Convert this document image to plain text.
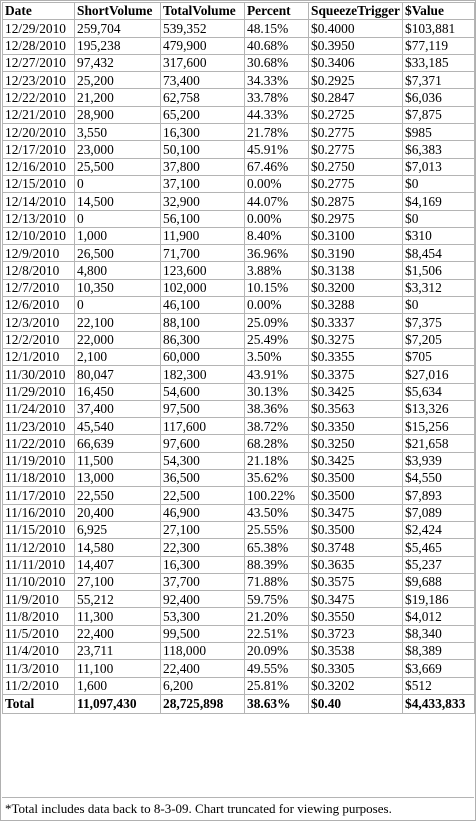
Date	ShortVolume	TotalVolume	Percent	SqueezeTrigger	$Value
12/29/2010	259,704	539,352	48.15%	$0.4000	$103,881
12/28/2010	195,238	479,900	40.68%	$0.3950	$77,119
12/27/2010	97,432	317,600	30.68%	$0.3406	$33,185
12/23/2010	25,200	73,400	34.33%	$0.2925	$7,371
12/22/2010	21,200	62,758	33.78%	$0.2847	$6,036
12/21/2010	28,900	65,200	44.33%	$0.2725	$7,875
12/20/2010	3,550	16,300	21.78%	$0.2775	$985
12/17/2010	23,000	50,100	45.91%	$0.2775	$6,383
12/16/2010	25,500	37,800	67.46%	$0.2750	$7,013
12/15/2010	0	37,100	0.00%	$0.2775	$0
12/14/2010	14,500	32,900	44.07%	$0.2875	$4,169
12/13/2010	0	56,100	0.00%	$0.2975	$0
12/10/2010	1,000	11,900	8.40%	$0.3100	$310
12/9/2010	26,500	71,700	36.96%	$0.3190	$8,454
12/8/2010	4,800	123,600	3.88%	$0.3138	$1,506
12/7/2010	10,350	102,000	10.15%	$0.3200	$3,312
12/6/2010	0	46,100	0.00%	$0.3288	$0
12/3/2010	22,100	88,100	25.09%	$0.3337	$7,375
12/2/2010	22,000	86,300	25.49%	$0.3275	$7,205
12/1/2010	2,100	60,000	3.50%	$0.3355	$705
11/30/2010	80,047	182,300	43.91%	$0.3375	$27,016
11/29/2010	16,450	54,600	30.13%	$0.3425	$5,634
11/24/2010	37,400	97,500	38.36%	$0.3563	$13,326
11/23/2010	45,540	117,600	38.72%	$0.3350	$15,256
11/22/2010	66,639	97,600	68.28%	$0.3250	$21,658
11/19/2010	11,500	54,300	21.18%	$0.3425	$3,939
11/18/2010	13,000	36,500	35.62%	$0.3500	$4,550
11/17/2010	22,550	22,500	100.22%	$0.3500	$7,893
11/16/2010	20,400	46,900	43.50%	$0.3475	$7,089
11/15/2010	6,925	27,100	25.55%	$0.3500	$2,424
11/12/2010	14,580	22,300	65.38%	$0.3748	$5,465
11/11/2010	14,407	16,300	88.39%	$0.3635	$5,237
11/10/2010	27,100	37,700	71.88%	$0.3575	$9,688
11/9/2010	55,212	92,400	59.75%	$0.3475	$19,186
11/8/2010	11,300	53,300	21.20%	$0.3550	$4,012
11/5/2010	22,400	99,500	22.51%	$0.3723	$8,340
11/4/2010	23,711	118,000	20.09%	$0.3538	$8,389
11/3/2010	11,100	22,400	49.55%	$0.3305	$3,669
11/2/2010	1,600	6,200	25.81%	$0.3202	$512
Total	11,097,430	28,725,898	38.63%	$0.40	$4,433,833
*Total includes data back to 8-3-09. Chart truncated for viewing purposes.
